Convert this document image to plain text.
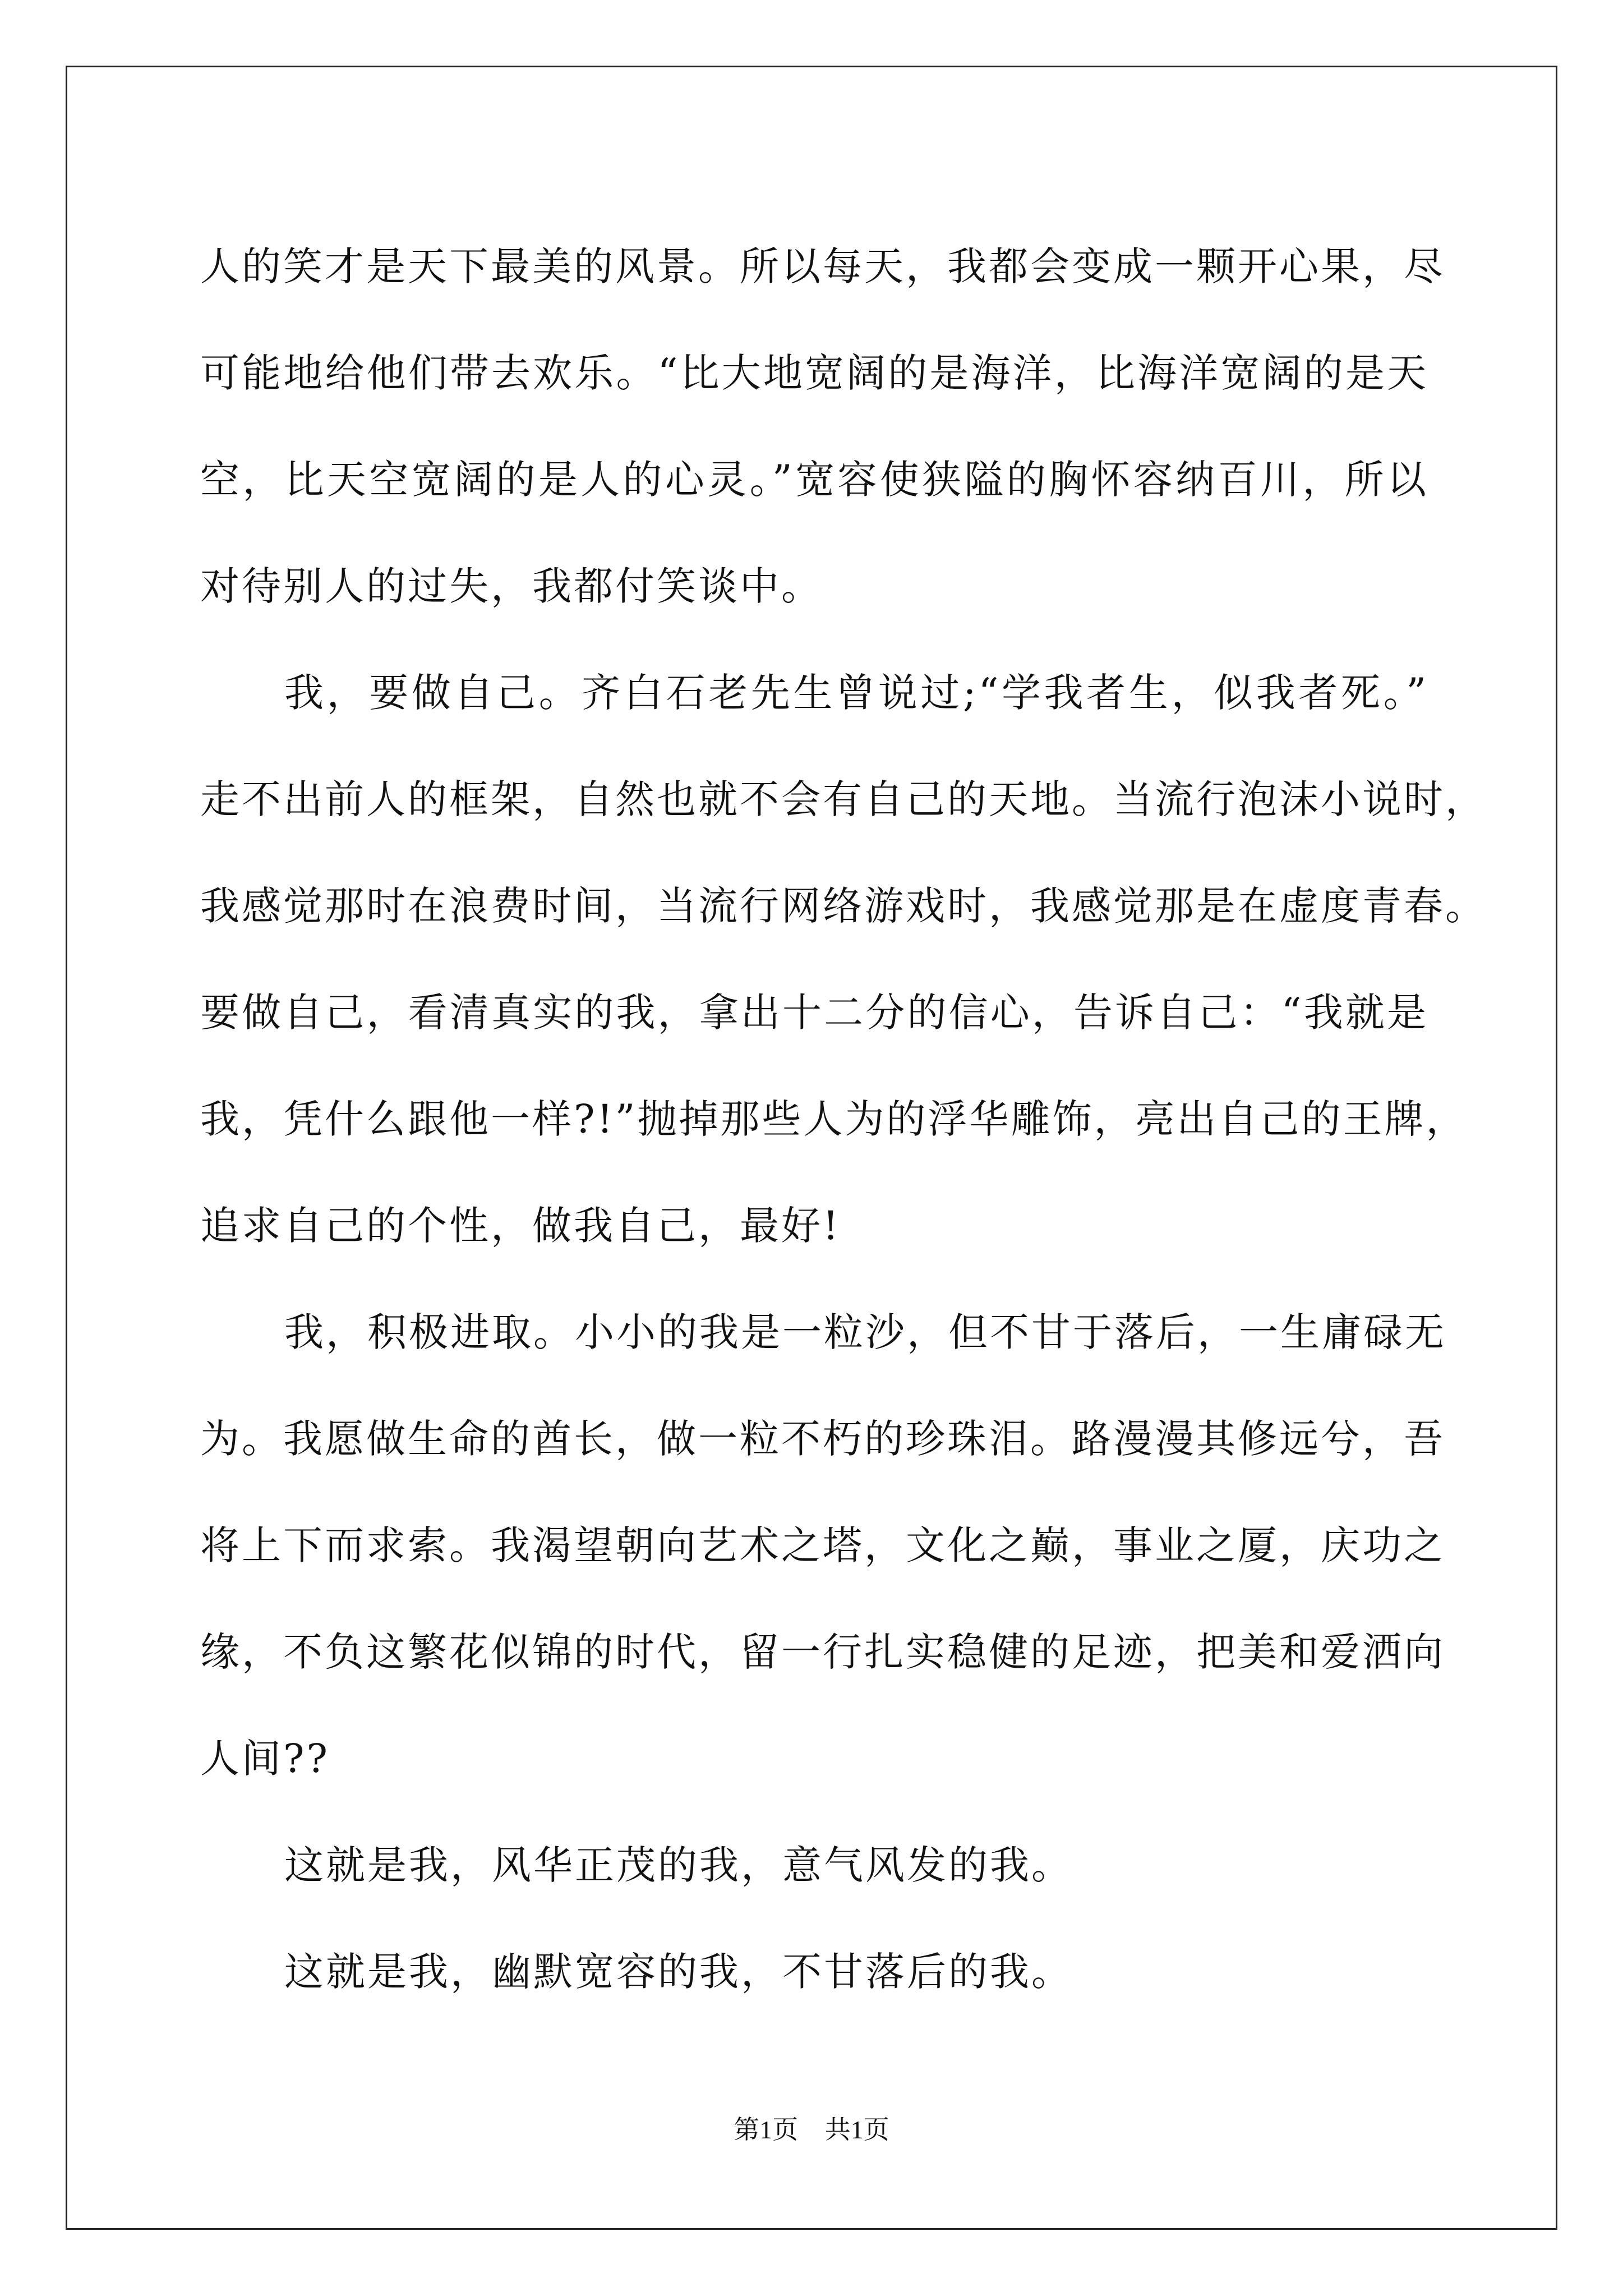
人的笑才是天下最美的风景。所以每天，我都会变成一颗开心果，尽
可能地给他们带去欢乐。“比大地宽阔的是海洋，比海洋宽阔的是天
空，比天空宽阔的是人的心灵。”宽容使狭隘的胸怀容纳百川，所以
对待别人的过失，我都付笑谈中。
我，要做自己。齐白石老先生曾说过;“学我者生，似我者死。”
走不出前人的框架，自然也就不会有自己的天地。当流行泡沫小说时，
我感觉那时在浪费时间，当流行网络游戏时，我感觉那是在虚度青春。
要做自己，看清真实的我，拿出十二分的信心，告诉自己：“我就是
我，凭什么跟他一样?!”抛掉那些人为的浮华雕饰，亮出自己的王牌，
追求自己的个性，做我自己，最好!
我，积极进取。小小的我是一粒沙，但不甘于落后，一生庸碌无
为。我愿做生命的酋长，做一粒不朽的珍珠泪。路漫漫其修远兮，吾
将上下而求索。我渴望朝向艺术之塔，文化之巅，事业之厦，庆功之
缘，不负这繁花似锦的时代，留一行扎实稳健的足迹，把美和爱洒向
人间??
这就是我，风华正茂的我，意气风发的我。
这就是我，幽默宽容的我，不甘落后的我。
第1页 共1页
